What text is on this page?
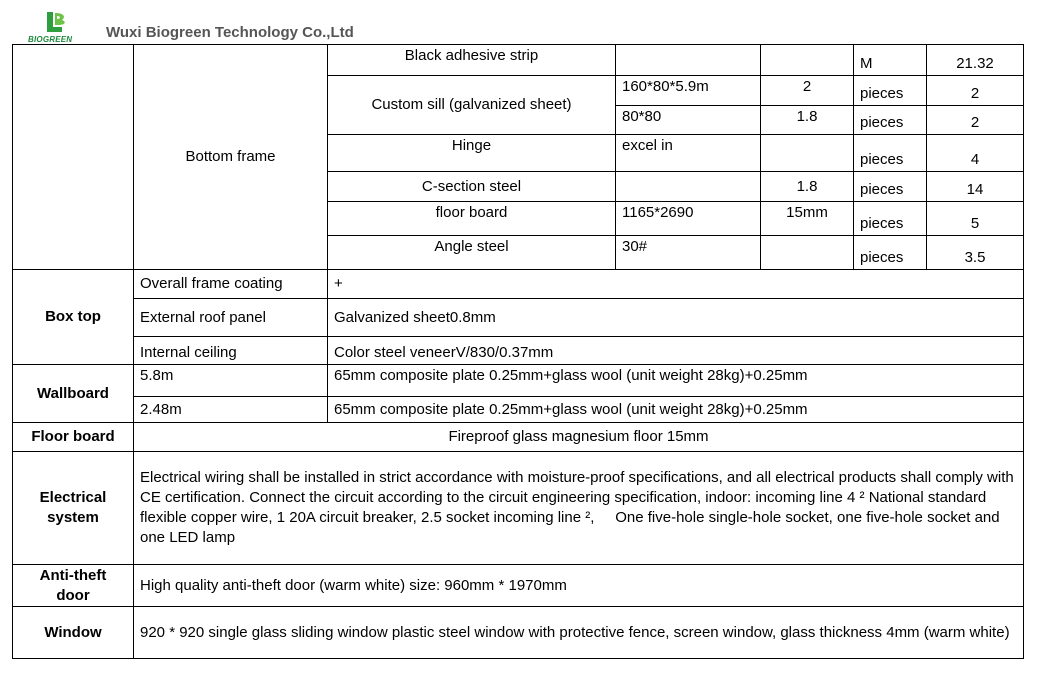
BIOGREEN Wuxi Biogreen Technology Co.,Ltd
	Bottom frame	Black adhesive strip			M	21.32
		Custom sill (galvanized sheet)	160*80*5.9m	2	pieces	2
			80*80	1.8	pieces	2
		Hinge	excel in		pieces	4
		C-section steel		1.8	pieces	14
		floor board	1165*2690	15mm	pieces	5
		Angle steel	30#		pieces	3.5
Box top	Overall frame coating	+				
	External roof panel	Galvanized sheet0.8mm				
	Internal ceiling	Color steel veneerV/830/0.37mm				
Wallboard	5.8m	65mm composite plate 0.25mm+glass wool (unit weight 28kg)+0.25mm				
	2.48m	65mm composite plate 0.25mm+glass wool (unit weight 28kg)+0.25mm				
Floor board	Fireproof glass magnesium floor 15mm					
Electrical
system	Electrical wiring shall be installed in strict accordance with moisture-proof specifications, and all electrical products shall comply with CE certification. Connect the circuit according to the circuit engineering specification, indoor: incoming line 4 ² National standard flexible copper wire, 1 20A circuit breaker, 2.5 socket incoming line ²,     One five-hole single-hole socket, one five-hole socket and one LED lamp					
Anti-theft
door	High quality anti-theft door (warm white) size: 960mm * 1970mm					
Window	920 * 920 single glass sliding window plastic steel window with protective fence, screen window, glass thickness 4mm (warm white)					
